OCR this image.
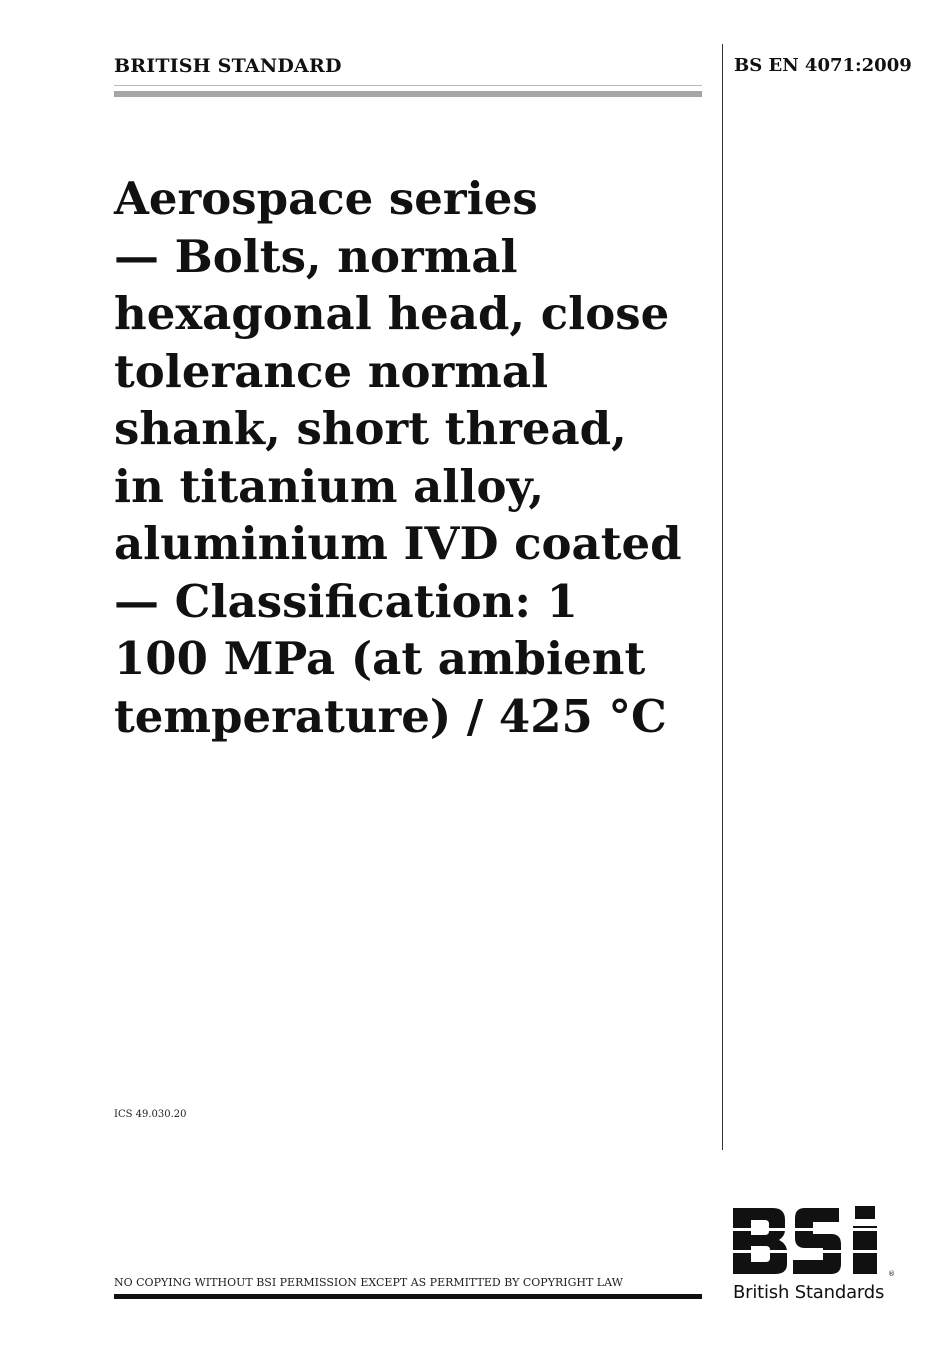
BRITISH STANDARD	BS EN 4071:2009
Aerospace series
— Bolts, normal
hexagonal head, close
tolerance normal
shank, short thread,
in titanium alloy,
aluminium IVD coated
— Classification: 1
100 MPa (at ambient
temperature) / 425 °C
ICS 49.030.20
NO COPYING WITHOUT BSI PERMISSION EXCEPT AS PERMITTED BY COPYRIGHT LAW
®
British Standards
